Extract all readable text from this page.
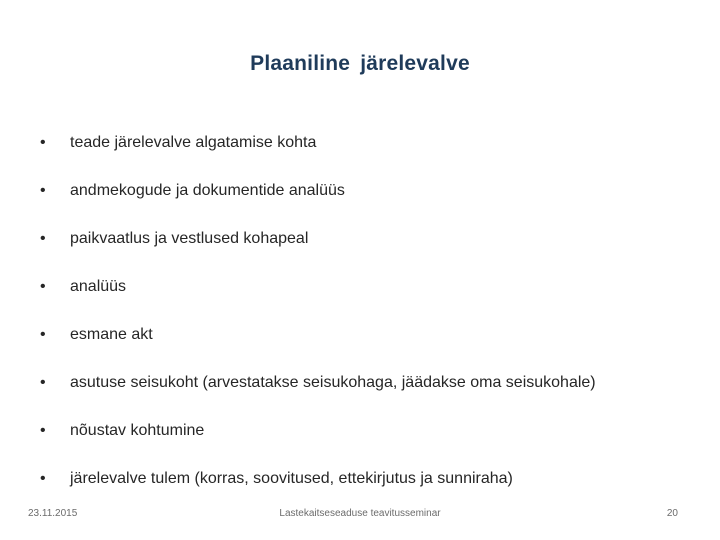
Plaaniline järelevalve
•	teade järelevalve algatamise kohta
•	andmekogude ja dokumentide analüüs
•	paikvaatlus ja vestlused kohapeal
•	analüüs
•	esmane akt
•	asutuse seisukoht (arvestatakse seisukohaga, jäädakse oma seisukohale)
•	nõustav kohtumine
•	järelevalve tulem (korras, soovitused, ettekirjutus ja sunniraha)
23.11.2015	Lastekaitseseaduse teavitusseminar	20
